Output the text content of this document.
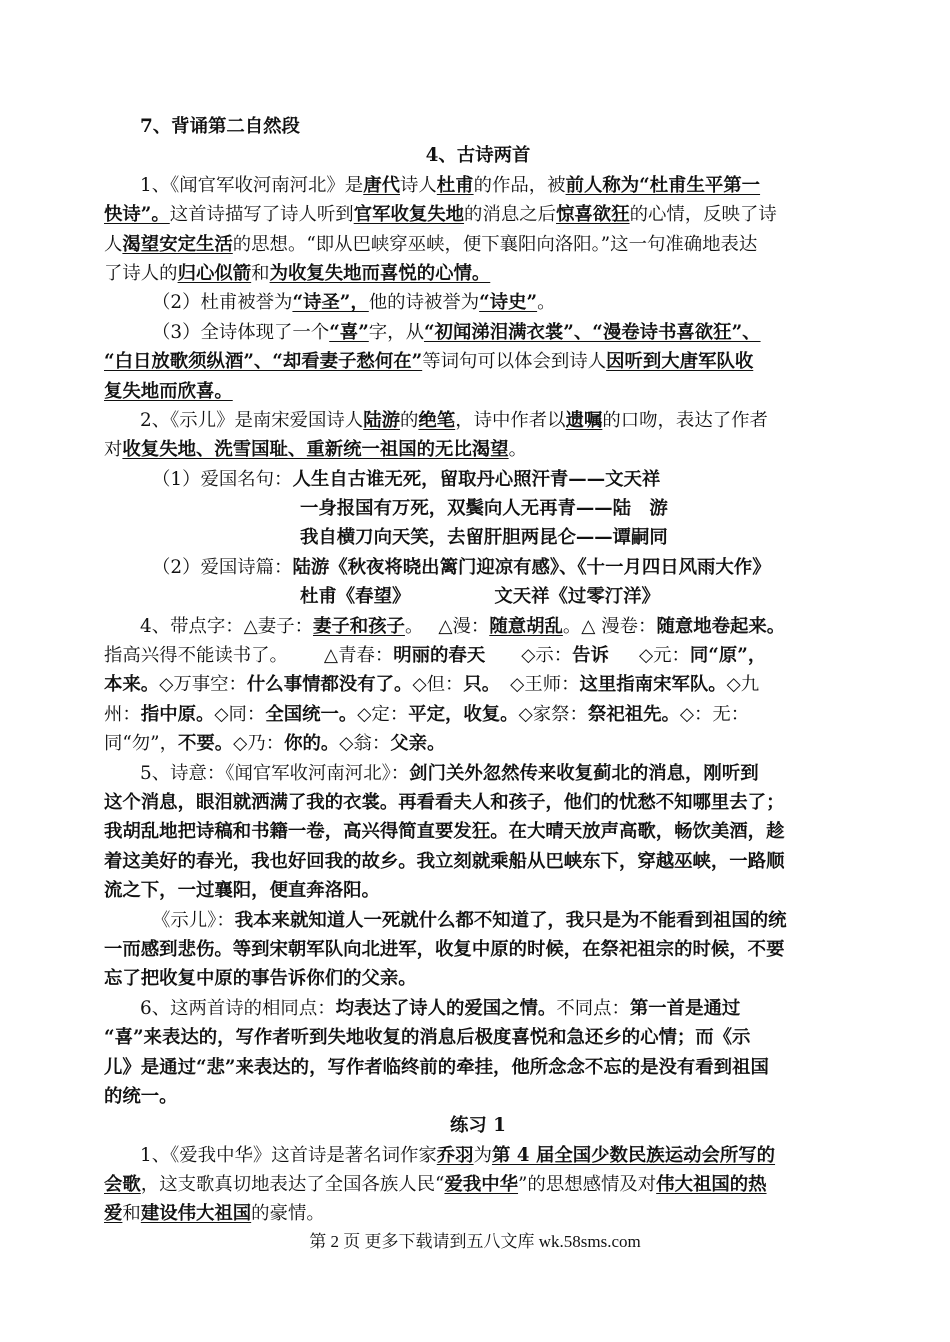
7、背诵第二自然段
4、古诗两首
1、《闻官军收河南河北》是唐代诗人杜甫的作品，被前人称为“杜甫生平第一
快诗”。这首诗描写了诗人听到官军收复失地的消息之后惊喜欲狂的心情，反映了诗
人渴望安定生活的思想。“即从巴峡穿巫峡，便下襄阳向洛阳。”这一句准确地表达
了诗人的归心似箭和为收复失地而喜悦的心情。
（2）杜甫被誉为“诗圣”，他的诗被誉为“诗史”。
（3）全诗体现了一个“喜”字，从“初闻涕泪满衣裳”、“漫卷诗书喜欲狂”、
“白日放歌须纵酒”、“却看妻子愁何在”等词句可以体会到诗人因听到大唐军队收
复失地而欣喜。
2、《示儿》是南宋爱国诗人陆游的绝笔，诗中作者以遗嘱的口吻，表达了作者
对收复失地、洗雪国耻、重新统一祖国的无比渴望。
（1）爱国名句：人生自古谁无死，留取丹心照汗青——文天祥
一身报国有万死，双鬓向人无再青——陆　游
我自横刀向天笑，去留肝胆两昆仑——谭嗣同
（2）爱国诗篇：陆游《秋夜将晓出篱门迎凉有感》、《十一月四日风雨大作》
杜甫《春望》	文天祥《过零汀洋》
4、带点字：△妻子：妻子和孩子。　 △漫：随意胡乱。△ 漫卷：随意地卷起来。
指高兴得不能读书了。 △青春：明丽的春天 ◇示：告诉 ◇元：同“原”，
本来。◇万事空：什么事情都没有了。◇但：只。 ◇王师：这里指南宋军队。◇九
州：指中原。◇同：全国统一。◇定：平定，收复。◇家祭：祭祀祖先。◇：无：
同“勿”，不要。◇乃：你的。◇翁：父亲。
5、诗意：《闻官军收河南河北》：剑门关外忽然传来收复蓟北的消息，刚听到
这个消息，眼泪就洒满了我的衣裳。再看看夫人和孩子，他们的忧愁不知哪里去了；
我胡乱地把诗稿和书籍一卷，高兴得简直要发狂。在大晴天放声高歌，畅饮美酒，趁
着这美好的春光，我也好回我的故乡。我立刻就乘船从巴峡东下，穿越巫峡，一路顺
流之下，一过襄阳，便直奔洛阳。
《示儿》：我本来就知道人一死就什么都不知道了，我只是为不能看到祖国的统
一而感到悲伤。等到宋朝军队向北进军，收复中原的时候，在祭祀祖宗的时候，不要
忘了把收复中原的事告诉你们的父亲。
6、这两首诗的相同点：均表达了诗人的爱国之情。不同点：第一首是通过
“喜”来表达的，写作者听到失地收复的消息后极度喜悦和急还乡的心情；而《示
儿》是通过“悲”来表达的，写作者临终前的牵挂，他所念念不忘的是没有看到祖国
的统一。
练习 1
1、《爱我中华》这首诗是著名词作家乔羽为第 4 届全国少数民族运动会所写的
会歌，这支歌真切地表达了全国各族人民“爱我中华”的思想感情及对伟大祖国的热
爱和建设伟大祖国的豪情。
第 2 页 更多下载请到五八文库 wk.58sms.com
